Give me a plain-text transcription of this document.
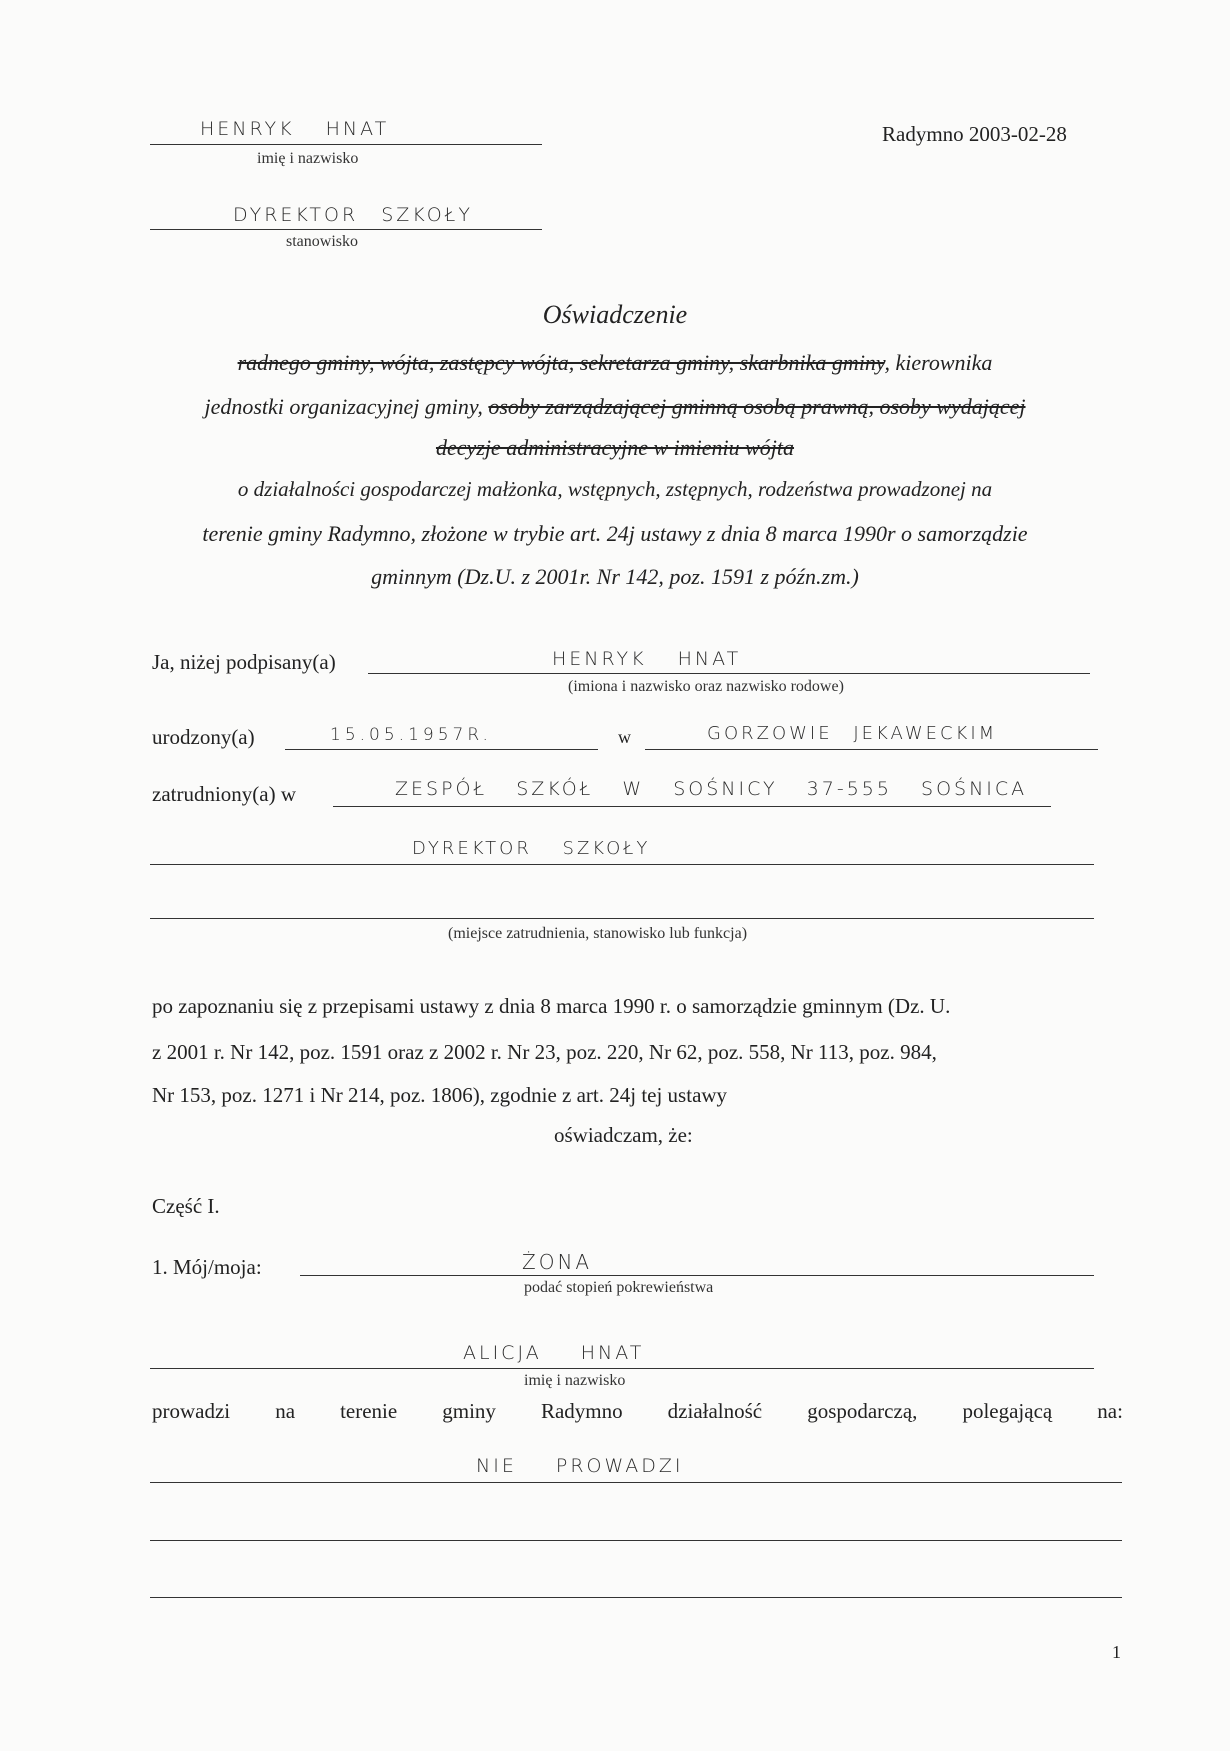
HENRYK HNAT
imię i nazwisko
Radymno 2003-02-28
DYREKTOR SZKOŁY
stanowisko
Oświadczenie
radnego gminy, wójta, zastępcy wójta, sekretarza gminy, skarbnika gminy, kierownika
jednostki organizacyjnej gminy, osoby zarządzającej gminną osobą prawną, osoby wydającej
decyzje administracyjne w imieniu wójta
o działalności gospodarczej małżonka, wstępnych, zstępnych, rodzeństwa prowadzonej na
terenie gminy Radymno, złożone w trybie art. 24j ustawy z dnia 8 marca 1990r o samorządzie
gminnym (Dz.U. z 2001r. Nr 142, poz. 1591 z późn.zm.)
Ja, niżej podpisany(a)	HENRYK HNAT
(imiona i nazwisko oraz nazwisko rodowe)
urodzony(a)	15.05.1957R.	w	GORZOWIE JEKAWECKIM
zatrudniony(a) w	ZESPÓŁ SZKÓŁ W SOŚNICY 37-555 SOŚNICA
DYREKTOR SZKOŁY
(miejsce zatrudnienia, stanowisko lub funkcja)
po zapoznaniu się z przepisami ustawy z dnia 8 marca 1990 r. o samorządzie gminnym (Dz. U.
z 2001 r. Nr 142, poz. 1591 oraz z 2002 r. Nr 23, poz. 220, Nr 62, poz. 558, Nr 113, poz. 984,
Nr 153, poz. 1271 i Nr 214, poz. 1806), zgodnie z art. 24j tej ustawy
oświadczam, że:
Część I.
1. Mój/moja:	ŻONA
podać stopień pokrewieństwa
ALICJA HNAT
imię i nazwisko
prowadzi na terenie gminy Radymno działalność gospodarczą, polegającą na:
NIE PROWADZI
1
